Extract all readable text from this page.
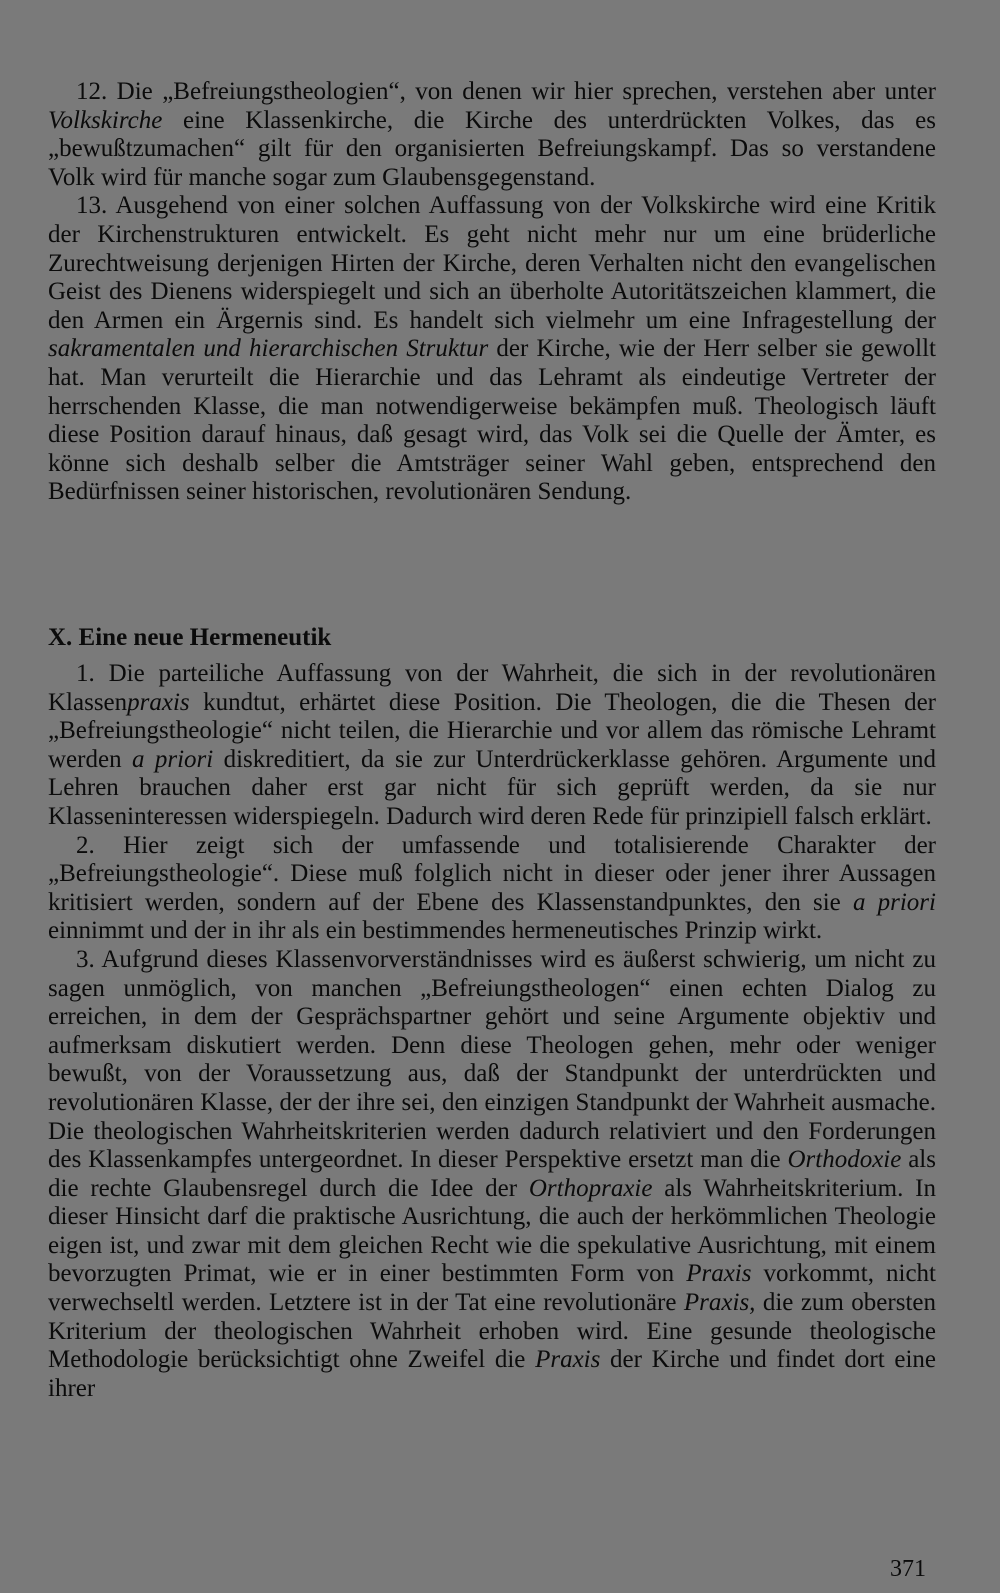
12. Die „Befreiungstheologien“, von denen wir hier sprechen, verstehen aber unter Volkskirche eine Klassenkirche, die Kirche des unterdrückten Volkes, das es „bewußtzumachen“ gilt für den organisierten Befreiungskampf. Das so verstandene Volk wird für manche sogar zum Glaubensgegenstand.

13. Ausgehend von einer solchen Auffassung von der Volkskirche wird eine Kritik der Kirchenstrukturen entwickelt. Es geht nicht mehr nur um eine brüderliche Zurechtweisung derjenigen Hirten der Kirche, deren Verhalten nicht den evangelischen Geist des Dienens widerspiegelt und sich an überholte Autoritätszeichen klammert, die den Armen ein Ärgernis sind. Es handelt sich vielmehr um eine Infragestellung der sakramentalen und hierarchischen Struktur der Kirche, wie der Herr selber sie gewollt hat. Man verurteilt die Hierarchie und das Lehramt als eindeutige Vertreter der herrschenden Klasse, die man notwendigerweise bekämpfen muß. Theologisch läuft diese Position darauf hinaus, daß gesagt wird, das Volk sei die Quelle der Ämter, es könne sich deshalb selber die Amtsträger seiner Wahl geben, entsprechend den Bedürfnissen seiner historischen, revolutionären Sendung.

X. Eine neue Hermeneutik

1. Die parteiliche Auffassung von der Wahrheit, die sich in der revolutionären Klassenpraxis kundtut, erhärtet diese Position. Die Theologen, die die Thesen der „Befreiungstheologie“ nicht teilen, die Hierarchie und vor allem das römische Lehramt werden a priori diskreditiert, da sie zur Unterdrückerklasse gehören. Argumente und Lehren brauchen daher erst gar nicht für sich geprüft werden, da sie nur Klasseninteressen widerspiegeln. Dadurch wird deren Rede für prinzipiell falsch erklärt.

2. Hier zeigt sich der umfassende und totalisierende Charakter der „Befreiungstheologie“. Diese muß folglich nicht in dieser oder jener ihrer Aussagen kritisiert werden, sondern auf der Ebene des Klassenstandpunktes, den sie a priori einnimmt und der in ihr als ein bestimmendes hermeneutisches Prinzip wirkt.

3. Aufgrund dieses Klassenvorverständnisses wird es äußerst schwierig, um nicht zu sagen unmöglich, von manchen „Befreiungstheologen“ einen echten Dialog zu erreichen, in dem der Gesprächspartner gehört und seine Argumente objektiv und aufmerksam diskutiert werden. Denn diese Theologen gehen, mehr oder weniger bewußt, von der Voraussetzung aus, daß der Standpunkt der unterdrückten und revolutionären Klasse, der der ihre sei, den einzigen Standpunkt der Wahrheit ausmache. Die theologischen Wahrheitskriterien werden dadurch relativiert und den Forderungen des Klassenkampfes untergeordnet. In dieser Perspektive ersetzt man die Orthodoxie als die rechte Glaubensregel durch die Idee der Orthopraxie als Wahrheitskriterium. In dieser Hinsicht darf die praktische Ausrichtung, die auch der herkömmlichen Theologie eigen ist, und zwar mit dem gleichen Recht wie die spekulative Ausrichtung, mit einem bevorzugten Primat, wie er in einer bestimmten Form von Praxis vorkommt, nicht verwechseltl werden. Letztere ist in der Tat eine revolutionäre Praxis, die zum obersten Kriterium der theologischen Wahrheit erhoben wird. Eine gesunde theologische Methodologie berücksichtigt ohne Zweifel die Praxis der Kirche und findet dort eine ihrer

371
